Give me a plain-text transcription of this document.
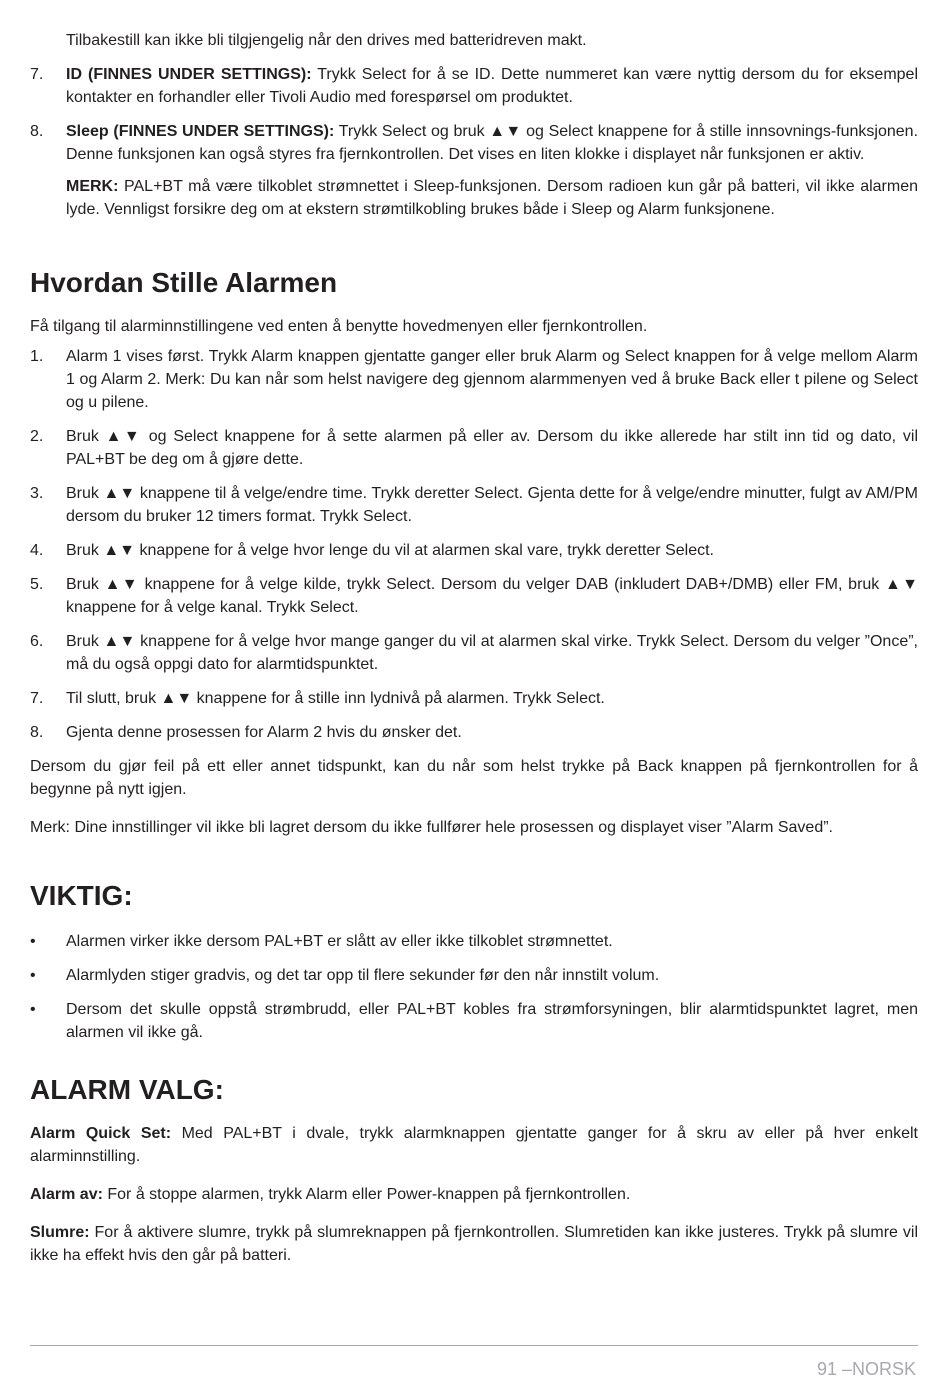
Tilbakestill kan ikke bli tilgjengelig når den drives med batteridreven makt.

7.	ID (FINNES UNDER SETTINGS): Trykk Select for å se ID. Dette nummeret kan være nyttig dersom du for eksempel kontakter en forhandler eller Tivoli Audio med forespørsel om produktet.

8.	Sleep (FINNES UNDER SETTINGS): Trykk Select og bruk ▲▼ og Select knappene for å stille innsovnings-funksjonen. Denne funksjonen kan også styres fra fjernkontrollen. Det vises en liten klokke i displayet når funksjonen er aktiv.

MERK: PAL+BT må være tilkoblet strømnettet i Sleep-funksjonen. Dersom radioen kun går på batteri, vil ikke alarmen lyde. Vennligst forsikre deg om at ekstern strømtilkobling brukes både i Sleep og Alarm funksjonene.

Hvordan Stille Alarmen

Få tilgang til alarminnstillingene ved enten å benytte hovedmenyen eller fjernkontrollen.

1.	Alarm 1 vises først. Trykk Alarm knappen gjentatte ganger eller bruk Alarm og Select knappen for å velge mellom Alarm 1 og Alarm 2. Merk: Du kan når som helst navigere deg gjennom alarmmenyen ved å bruke Back eller t pilene og Select og u pilene.

2.	Bruk ▲▼ og Select knappene for å sette alarmen på eller av. Dersom du ikke allerede har stilt inn tid og dato, vil PAL+BT be deg om å gjøre dette.

3.	Bruk ▲▼ knappene til å velge/endre time. Trykk deretter Select. Gjenta dette for å velge/endre minutter, fulgt av AM/PM dersom du bruker 12 timers format. Trykk Select.

4.	Bruk ▲▼ knappene for å velge hvor lenge du vil at alarmen skal vare, trykk deretter Select.

5.	Bruk ▲▼ knappene for å velge kilde, trykk Select. Dersom du velger DAB (inkludert DAB+/DMB) eller FM, bruk ▲▼ knappene for å velge kanal. Trykk Select.

6.	Bruk ▲▼ knappene for å velge hvor mange ganger du vil at alarmen skal virke. Trykk Select. Dersom du velger ”Once”, må du også oppgi dato for alarmtidspunktet.

7.	Til slutt, bruk ▲▼ knappene for å stille inn lydnivå på alarmen. Trykk Select.

8.	Gjenta denne prosessen for Alarm 2 hvis du ønsker det.

Dersom du gjør feil på ett eller annet tidspunkt, kan du når som helst trykke på Back knappen på fjernkontrollen for å begynne på nytt igjen.

Merk: Dine innstillinger vil ikke bli lagret dersom du ikke fullfører hele prosessen og displayet viser ”Alarm Saved”.

VIKTIG:
•	Alarmen virker ikke dersom PAL+BT er slått av eller ikke tilkoblet strømnettet.

•	Alarmlyden stiger gradvis, og det tar opp til flere sekunder før den når innstilt volum.

•	Dersom det skulle oppstå strømbrudd, eller PAL+BT kobles fra strømforsyningen, blir alarmtidspunktet lagret, men alarmen vil ikke gå.

ALARM VALG:

Alarm Quick Set: Med PAL+BT i dvale, trykk alarmknappen gjentatte ganger for å skru av eller på hver enkelt alarminnstilling.

Alarm av: For å stoppe alarmen, trykk Alarm eller Power-knappen på fjernkontrollen.

Slumre: For å aktivere slumre, trykk på slumreknappen på fjernkontrollen. Slumretiden kan ikke justeres. Trykk på slumre vil ikke ha effekt hvis den går på batteri.

91 –NORSK
